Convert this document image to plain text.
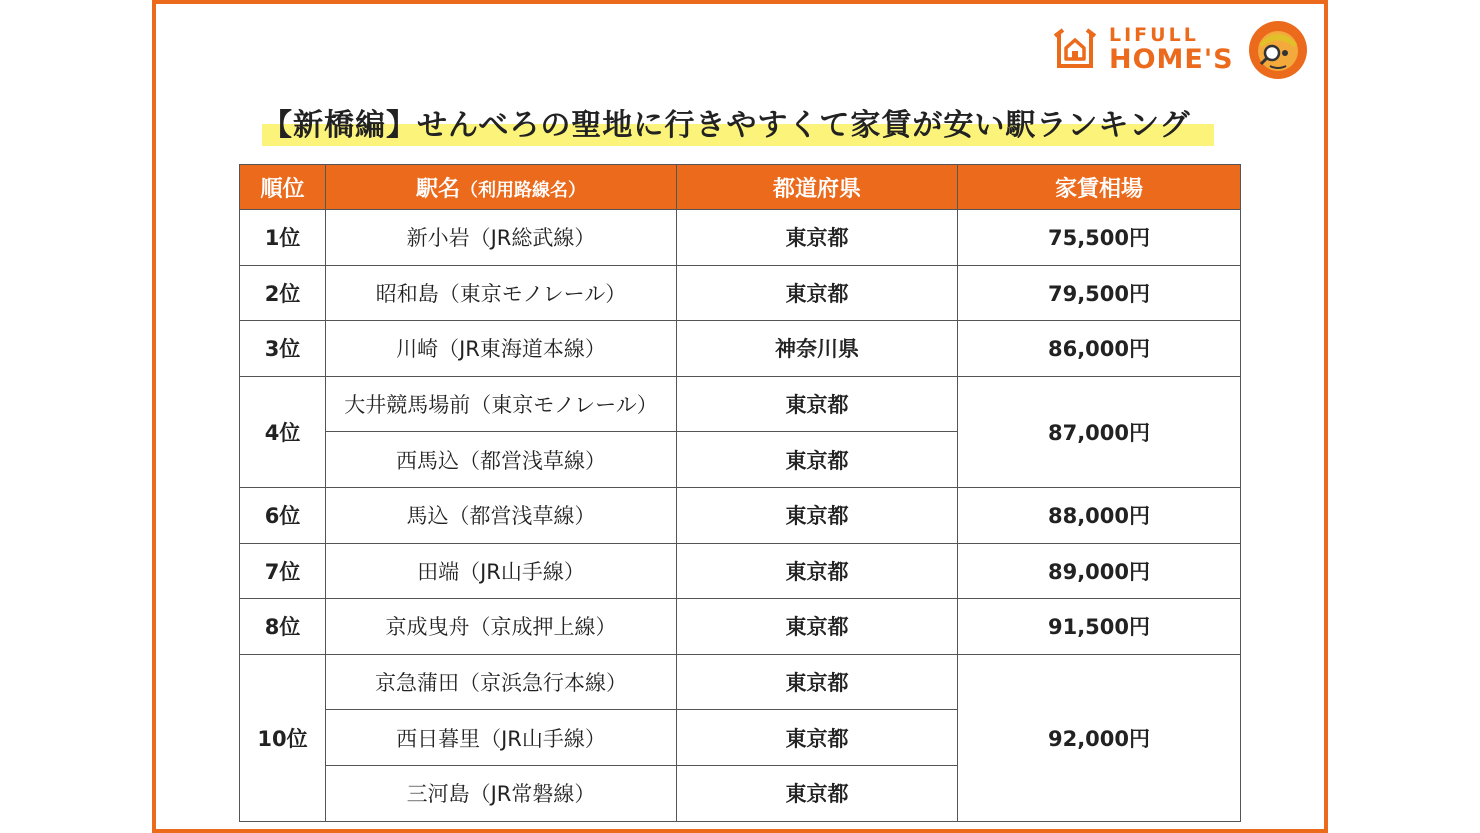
LIFULL
HOME'S
【新橋編】せんべろの聖地に行きやすくて家賃が安い駅ランキング
順位	駅名（利用路線名）	都道府県	家賃相場
1位	新小岩（JR総武線）	東京都	75,500円
2位	昭和島（東京モノレール）	東京都	79,500円
3位	川崎（JR東海道本線）	神奈川県	86,000円
4位	大井競馬場前（東京モノレール）	東京都	87,000円
	西馬込（都営浅草線）	東京都	
6位	馬込（都営浅草線）	東京都	88,000円
7位	田端（JR山手線）	東京都	89,000円
8位	京成曳舟（京成押上線）	東京都	91,500円
10位	京急蒲田（京浜急行本線）	東京都	92,000円
	西日暮里（JR山手線）	東京都	
	三河島（JR常磐線）	東京都	
